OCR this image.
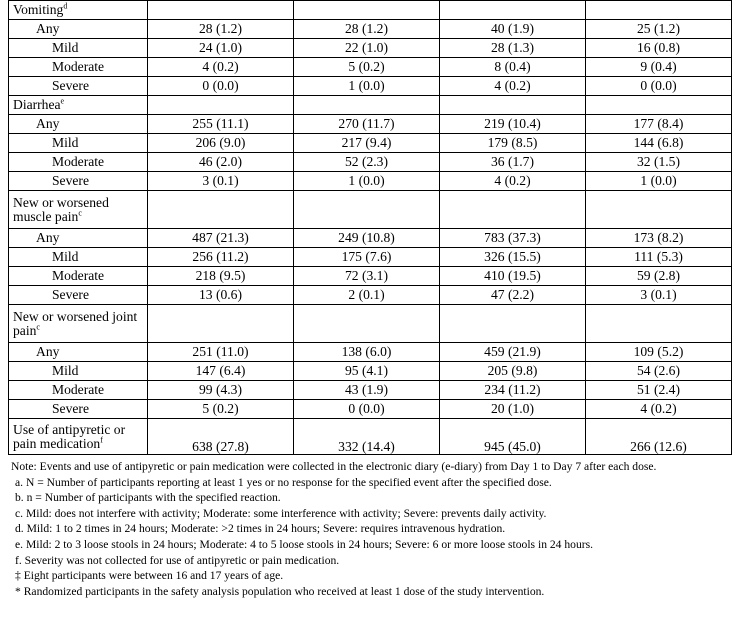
Vomiting$^d$				
Any	28 (1.2)	28 (1.2)	40 (1.9)	25 (1.2)
Mild	24 (1.0)	22 (1.0)	28 (1.3)	16 (0.8)
Moderate	4 (0.2)	5 (0.2)	8 (0.4)	9 (0.4)
Severe	0 (0.0)	1 (0.0)	4 (0.2)	0 (0.0)
Diarrhea$^e$				
Any	255 (11.1)	270 (11.7)	219 (10.4)	177 (8.4)
Mild	206 (9.0)	217 (9.4)	179 (8.5)	144 (6.8)
Moderate	46 (2.0)	52 (2.3)	36 (1.7)	32 (1.5)
Severe	3 (0.1)	1 (0.0)	4 (0.2)	1 (0.0)
New or worsened muscle pain$^c$				
Any	487 (21.3)	249 (10.8)	783 (37.3)	173 (8.2)
Mild	256 (11.2)	175 (7.6)	326 (15.5)	111 (5.3)
Moderate	218 (9.5)	72 (3.1)	410 (19.5)	59 (2.8)
Severe	13 (0.6)	2 (0.1)	47 (2.2)	3 (0.1)
New or worsened joint pain$^c$				
Any	251 (11.0)	138 (6.0)	459 (21.9)	109 (5.2)
Mild	147 (6.4)	95 (4.1)	205 (9.8)	54 (2.6)
Moderate	99 (4.3)	43 (1.9)	234 (11.2)	51 (2.4)
Severe	5 (0.2)	0 (0.0)	20 (1.0)	4 (0.2)
Use of antipyretic or pain medication$^f$	638 (27.8)	332 (14.4)	945 (45.0)	266 (12.6)
Note: Events and use of antipyretic or pain medication were collected in the electronic diary (e-diary) from Day 1 to Day 7 after each dose.
a. N = Number of participants reporting at least 1 yes or no response for the specified event after the specified dose.
b. n = Number of participants with the specified reaction.
c. Mild: does not interfere with activity; Moderate: some interference with activity; Severe: prevents daily activity.
d. Mild: 1 to 2 times in 24 hours; Moderate: >2 times in 24 hours; Severe: requires intravenous hydration.
e. Mild: 2 to 3 loose stools in 24 hours; Moderate: 4 to 5 loose stools in 24 hours; Severe: 6 or more loose stools in 24 hours.
f. Severity was not collected for use of antipyretic or pain medication.
‡ Eight participants were between 16 and 17 years of age.
* Randomized participants in the safety analysis population who received at least 1 dose of the study intervention.
